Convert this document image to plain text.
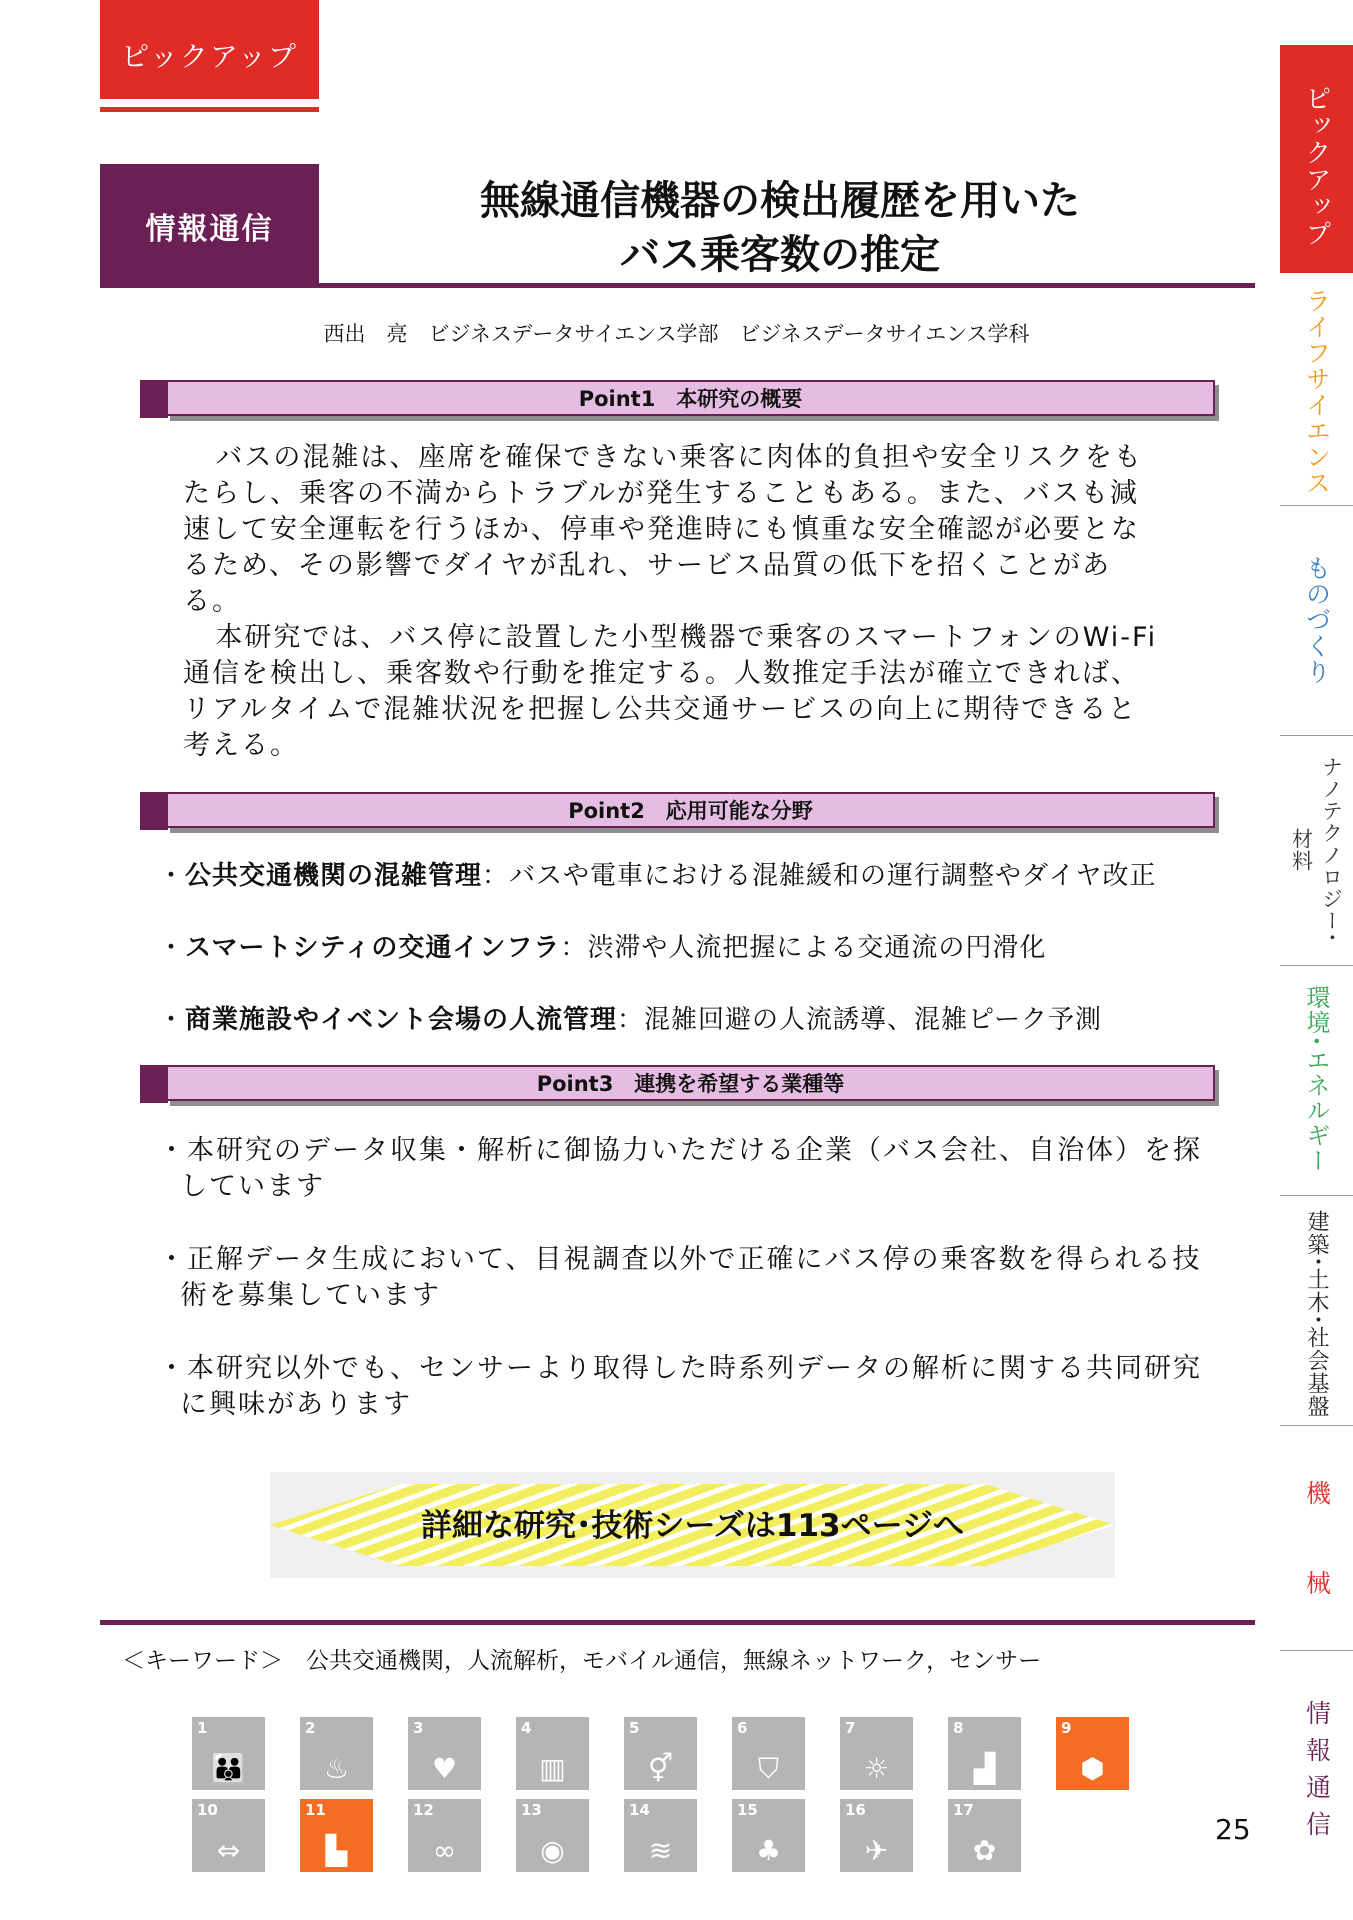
ピックアップ
情報通信
無線通信機器の検出履歴を用いた
バス乗客数の推定
西出　亮　ビジネスデータサイエンス学部　ビジネスデータサイエンス学科
Point1　本研究の概要

バスの混雑は、座席を確保できない乗客に肉体的負担や安全リスクをもたらし、乗客の不満からトラブルが発生することもある。また、バスも減速して安全運転を行うほか、停車や発進時にも慎重な安全確認が必要となるため、その影響でダイヤが乱れ、サービス品質の低下を招くことがある。

本研究では、バス停に設置した小型機器で乗客のスマートフォンのWi-Fi通信を検出し、乗客数や行動を推定する。人数推定手法が確立できれば、リアルタイムで混雑状況を把握し公共交通サービスの向上に期待できると考える。

Point2　応用可能な分野
・公共交通機関の混雑管理：バスや電車における混雑緩和の運行調整やダイヤ改正
・スマートシティの交通インフラ：渋滞や人流把握による交通流の円滑化
・商業施設やイベント会場の人流管理：混雑回避の人流誘導、混雑ピーク予測
Point3　連携を希望する業種等
・本研究のデータ収集・解析に御協力いただける企業（バス会社、自治体）を探しています
・正解データ生成において、目視調査以外で正確にバス停の乗客数を得られる技術を募集しています
・本研究以外でも、センサーより取得した時系列データの解析に関する共同研究に興味があります
詳細な研究･技術シーズは113ページへ
＜キーワード＞　公共交通機関，人流解析，モバイル通信，無線ネットワーク，センサー
1
👪
2
♨
3
♥
4
▥
5
⚥
6
⛉
7
☼
8
▟
9
⬢
10
⇔
11
▙
12
∞
13
◉
14
≋
15
♣
16
✈
17
✿
25
ピックアップ
ライフサイエンス
ものづくり
ナノテクノロジー･材料
環境･エネルギー
建築･土木･社会基盤
機　械
情報通信
